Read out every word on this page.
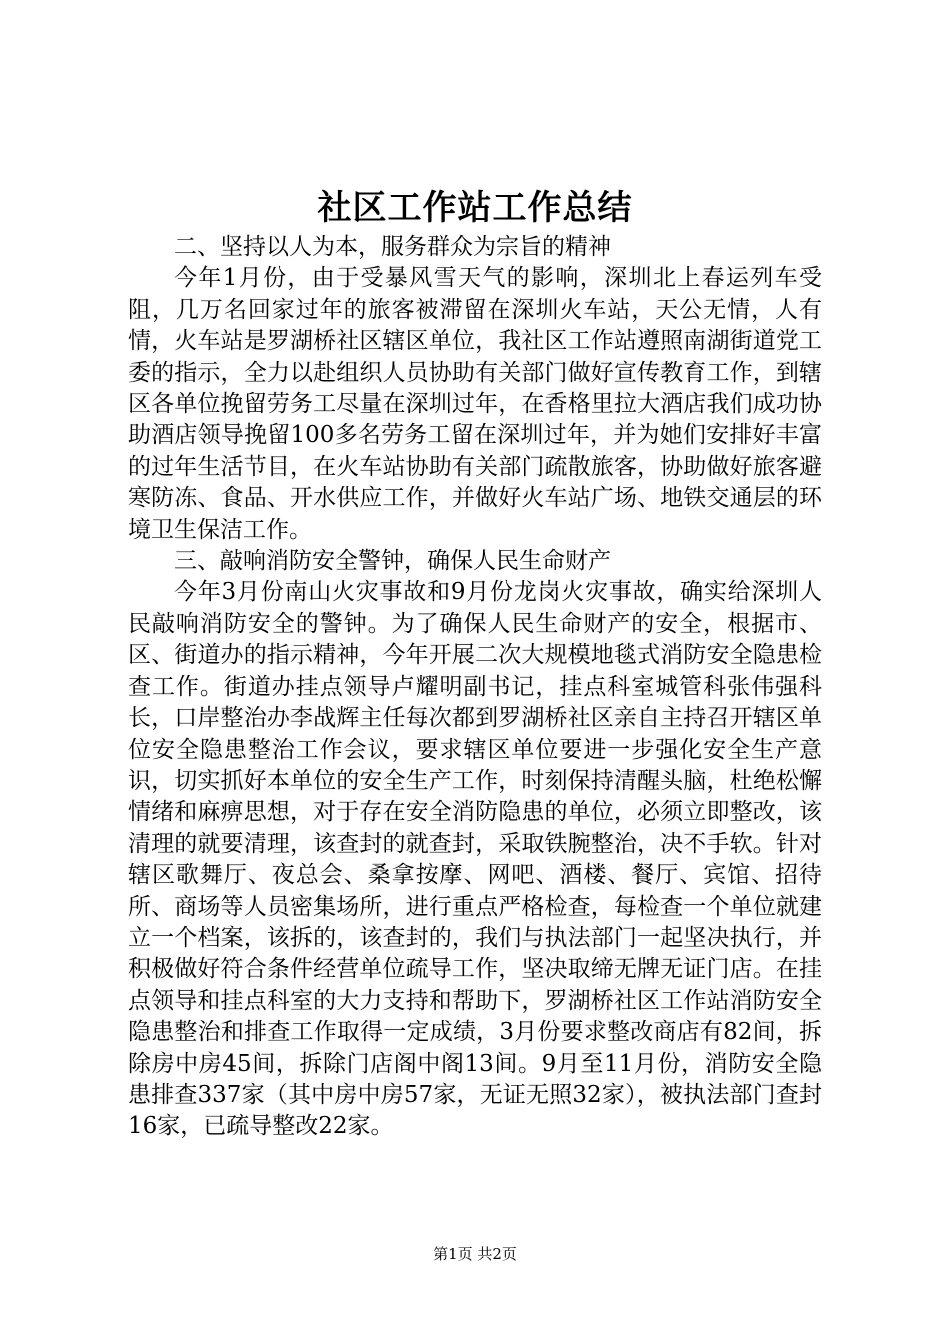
社区工作站工作总结

二、坚持以人为本，服务群众为宗旨的精神

今年1月份，由于受暴风雪天气的影响，深圳北上春运列车受阻，几万名回家过年的旅客被滞留在深圳火车站，天公无情，人有情，火车站是罗湖桥社区辖区单位，我社区工作站遵照南湖街道党工委的指示，全力以赴组织人员协助有关部门做好宣传教育工作，到辖区各单位挽留劳务工尽量在深圳过年，在香格里拉大酒店我们成功协助酒店领导挽留100多名劳务工留在深圳过年，并为她们安排好丰富的过年生活节目，在火车站协助有关部门疏散旅客，协助做好旅客避寒防冻、食品、开水供应工作，并做好火车站广场、地铁交通层的环境卫生保洁工作。

三、敲响消防安全警钟，确保人民生命财产

今年3月份南山火灾事故和9月份龙岗火灾事故，确实给深圳人民敲响消防安全的警钟。为了确保人民生命财产的安全，根据市、区、街道办的指示精神，今年开展二次大规模地毯式消防安全隐患检查工作。街道办挂点领导卢耀明副书记，挂点科室城管科张伟强科长，口岸整治办李战辉主任每次都到罗湖桥社区亲自主持召开辖区单位安全隐患整治工作会议，要求辖区单位要进一步强化安全生产意识，切实抓好本单位的安全生产工作，时刻保持清醒头脑，杜绝松懈情绪和麻痹思想，对于存在安全消防隐患的单位，必须立即整改，该清理的就要清理，该查封的就查封，采取铁腕整治，决不手软。针对辖区歌舞厅、夜总会、桑拿按摩、网吧、酒楼、餐厅、宾馆、招待所、商场等人员密集场所，进行重点严格检查，每检查一个单位就建立一个档案，该拆的，该查封的，我们与执法部门一起坚决执行，并积极做好符合条件经营单位疏导工作，坚决取缔无牌无证门店。在挂点领导和挂点科室的大力支持和帮助下，罗湖桥社区工作站消防安全隐患整治和排查工作取得一定成绩，3月份要求整改商店有82间，拆除房中房45间，拆除门店阁中阁13间。9月至11月份，消防安全隐患排查337家（其中房中房57家，无证无照32家），被执法部门查封16家，已疏导整改22家。

第1页 共2页
